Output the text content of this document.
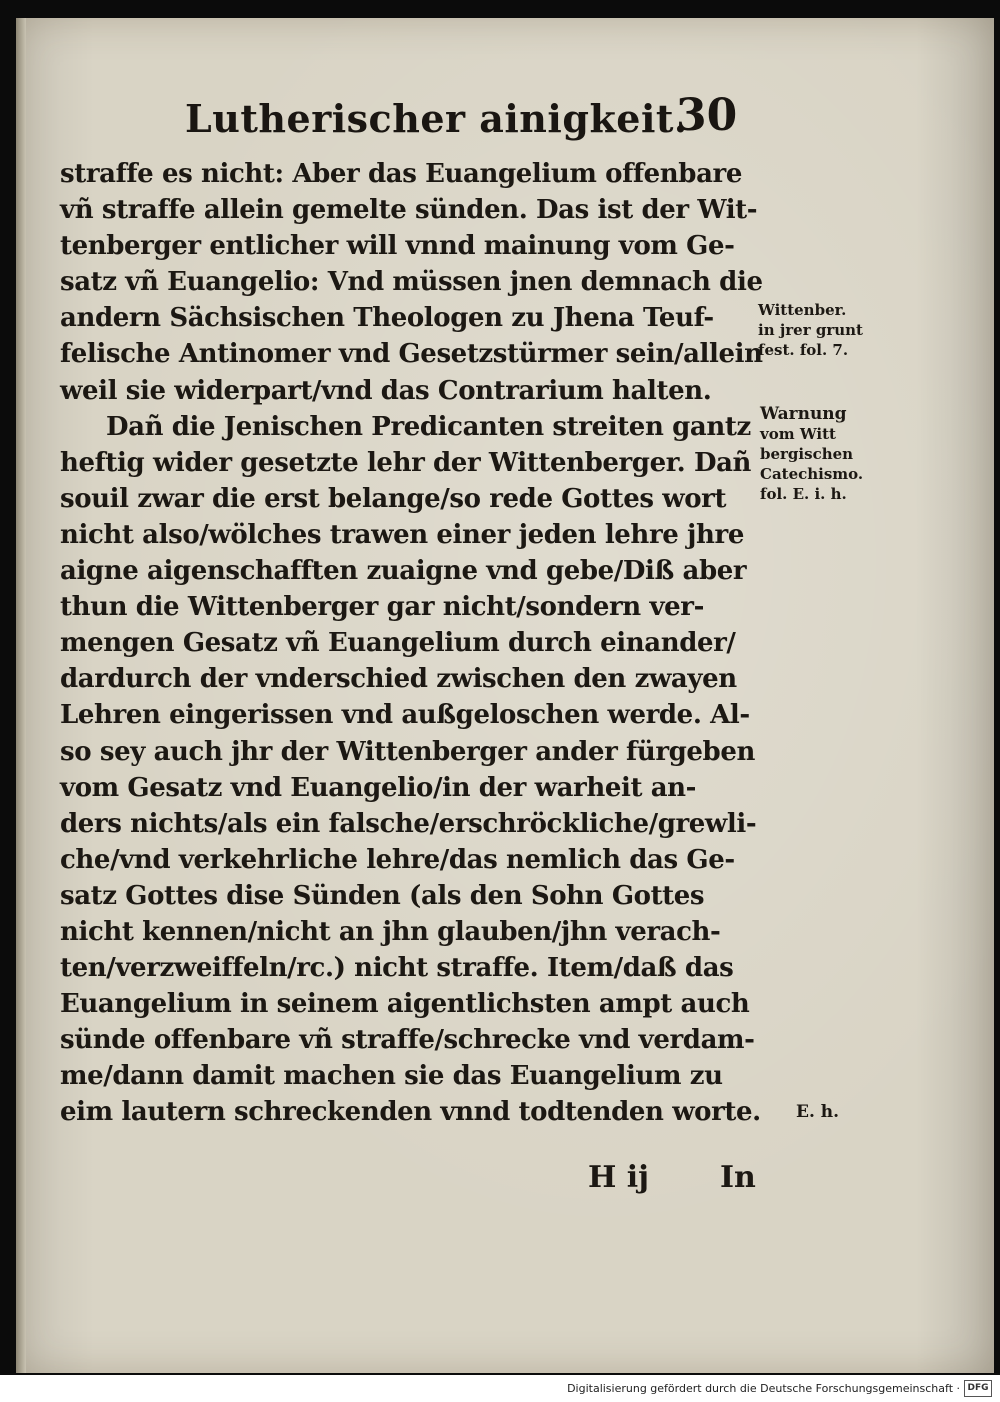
Lutherischer ainigkeit.
30
straffe es nicht: Aber das Euangelium offenbare
vñ straffe allein gemelte sünden. Das ist der Wit-
tenberger entlicher will vnnd mainung vom Ge-
satz vñ Euangelio: Vnd müssen jnen demnach die
andern Sächsischen Theologen zu Jhena Teuf-
felische Antinomer vnd Gesetzstürmer sein/allein
weil sie widerpart/vnd das Contrarium halten.
Dañ die Jenischen Predicanten streiten gantz
heftig wider gesetzte lehr der Wittenberger. Dañ
souil zwar die erst belange/so rede Gottes wort
nicht also/wölches trawen einer jeden lehre jhre
aigne aigenschafften zuaigne vnd gebe/Diß aber
thun die Wittenberger gar nicht/sondern ver-
mengen Gesatz vñ Euangelium durch einander/
dardurch der vnderschied zwischen den zwayen
Lehren eingerissen vnd außgeloschen werde. Al-
so sey auch jhr der Wittenberger ander fürgeben
vom Gesatz vnd Euangelio/in der warheit an-
ders nichts/als ein falsche/erschröckliche/grewli-
che/vnd verkehrliche lehre/das nemlich das Ge-
satz Gottes dise Sünden (als den Sohn Gottes
nicht kennen/nicht an jhn glauben/jhn verach-
ten/verzweiffeln/rc.) nicht straffe. Item/daß das
Euangelium in seinem aigentlichsten ampt auch
sünde offenbare vñ straffe/schrecke vnd verdam-
me/dann damit machen sie das Euangelium zu
eim lautern schreckenden vnnd todtenden worte.
Wittenber.
in jrer grunt
fest. fol. 7.
Warnung
vom Witt
bergischen
Catechismo.
fol. E. i. h.
E. h.
H ij In
Digitalisierung gefördert durch die Deutsche Forschungsgemeinschaft · DFG
